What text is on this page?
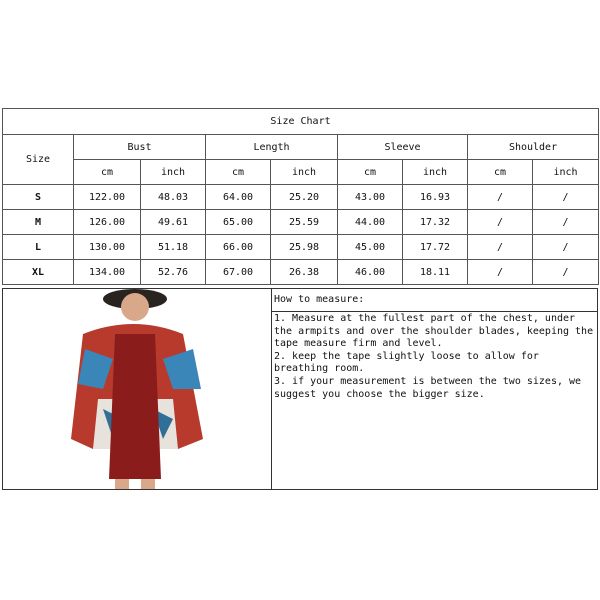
Size Chart								
Size	Bust		Length		Sleeve		Shoulder	
	cm	inch	cm	inch	cm	inch	cm	inch
S	122.00	48.03	64.00	25.20	43.00	16.93	/	/
M	126.00	49.61	65.00	25.59	44.00	17.32	/	/
L	130.00	51.18	66.00	25.98	45.00	17.72	/	/
XL	134.00	52.76	67.00	26.38	46.00	18.11	/	/
How to measure:
1. Measure at the fullest part of the chest, under the armpits and over the shoulder blades, keeping the tape measure firm and level.
2. keep the tape slightly loose to allow for breathing room.
3. if your measurement is between the two sizes, we suggest you choose the bigger size.
